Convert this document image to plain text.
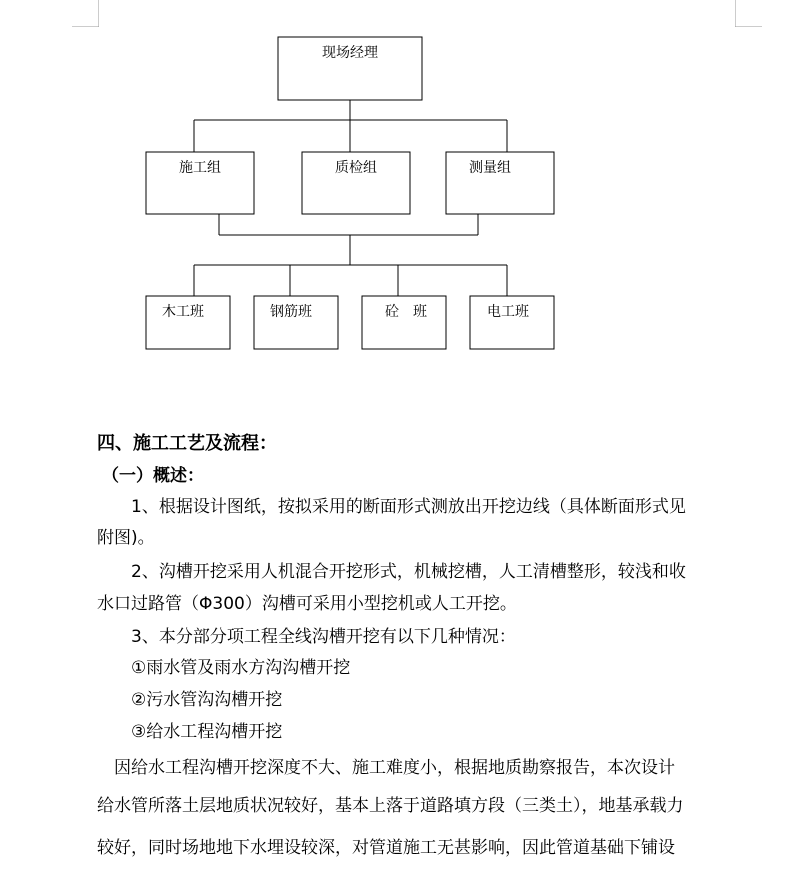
现场经理
施工组	质检组	测量组
木工班	钢筋班	砼　班	电工班
四、施工工艺及流程：
（一）概述：
　　1、根据设计图纸，按拟采用的断面形式测放出开挖边线（具体断面形式见
附图)。
　　2、沟槽开挖采用人机混合开挖形式，机械挖槽，人工清槽整形，较浅和收
水口过路管（Φ300）沟槽可采用小型挖机或人工开挖。
　　3、本分部分项工程全线沟槽开挖有以下几种情况：
　　①雨水管及雨水方沟沟槽开挖
　　②污水管沟沟槽开挖
　　③给水工程沟槽开挖
　因给水工程沟槽开挖深度不大、施工难度小，根据地质勘察报告，本次设计
给水管所落土层地质状况较好，基本上落于道路填方段（三类土），地基承载力
较好，同时场地地下水埋设较深，对管道施工无甚影响，因此管道基础下铺设
